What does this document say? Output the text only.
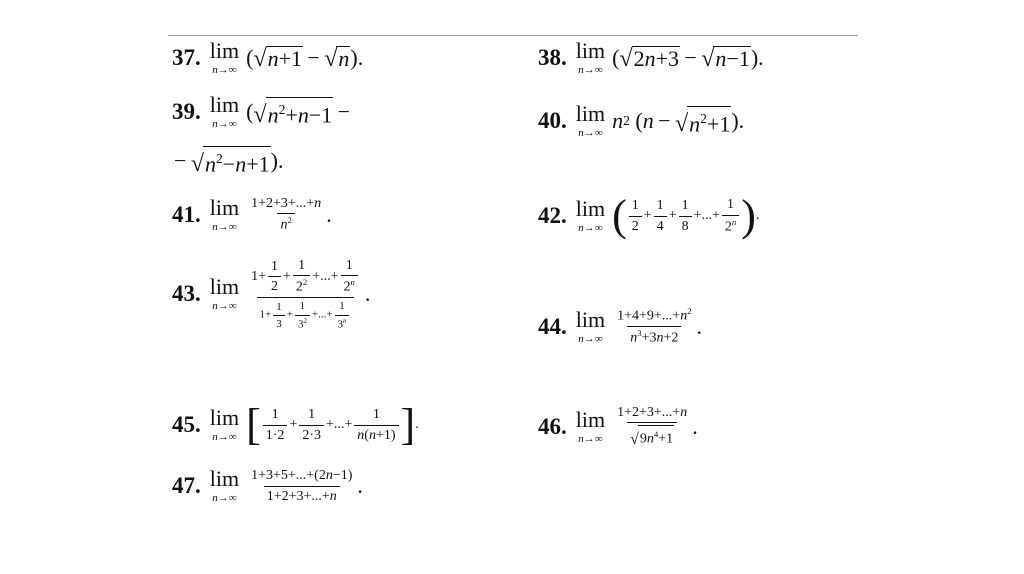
37. lim
n→∞ ( √ n+1  −  √ n ).	38. lim
n→∞ ( √ 2n+3  −  √ n−1 ).
39. lim
n→∞
( √ $n^2+n-1$  −
−  √ $n^2-n+1$ ).
40. lim
n→∞
n 2 ( n  −  √ $n^2+1$ ).
41. lim
$n\to\infty \frac{1+2+3+...+n}{n^2}$ .	42. lim
n→∞ ( $\frac{1}{2} + \frac{1}{4} + \frac{1}{8}$ +...+ $\frac{1}{2^n}$ ) .
43. lim
$n\to\infty \frac{1+ \frac{1}{2} + \frac{1}{2^2} +...+ \frac{1}{2^n}}{1+ \frac{1}{3} + \frac{1}{3^2} +...+ \frac{1}{3^n}}$ .
44. lim
$n\to\infty \frac{1+4+9+...+n^2}{n^3+3n+2}$ .
45. lim
n→∞ [ $\frac{1}{1\cdot 2} + \frac{1}{2\cdot 3}$ +...+ $\frac{1}{n(n+1)}$ ] .	46. lim
$n\to\infty \frac{1+2+3+...+n}{√ 9n^4+1}$ .
47. lim
$n\to\infty \frac{1+3+5+...+(2n-1)}{1+2+3+...+n}$ .
